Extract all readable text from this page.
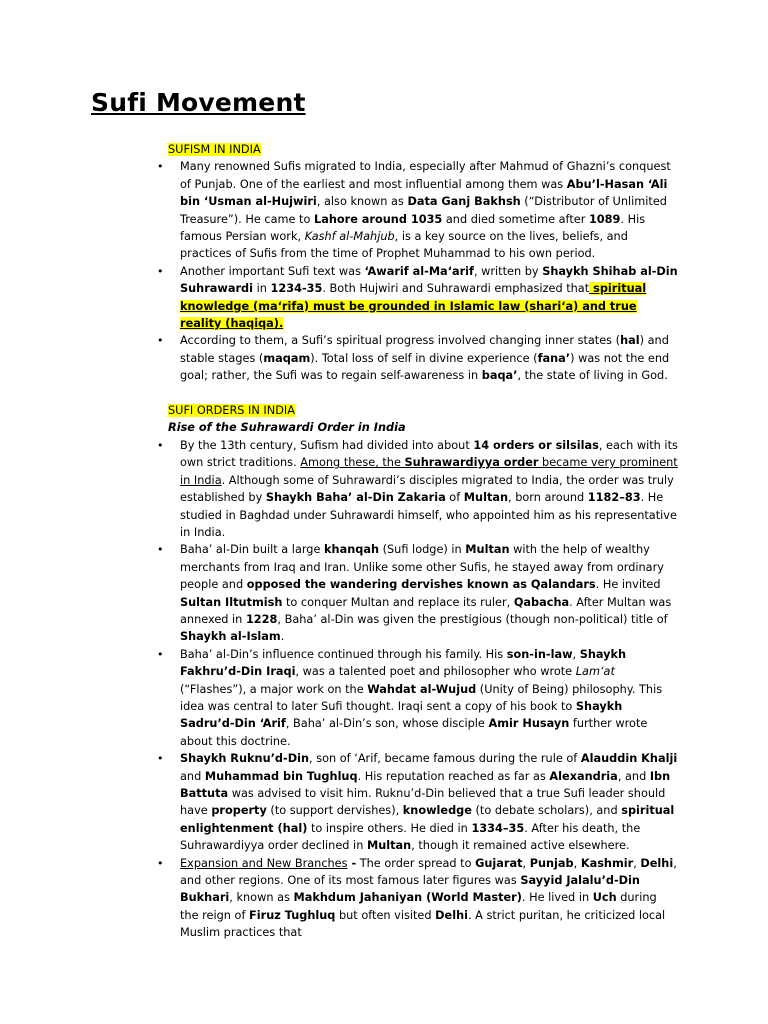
Sufi Movement
SUFISM IN INDIA
• Many renowned Sufis migrated to India, especially after Mahmud of Ghazni’s conquest of Punjab. One of the earliest and most influential among them was Abu’l-Hasan ‘Ali bin ‘Usman al-Hujwiri, also known as Data Ganj Bakhsh (“Distributor of Unlimited Treasure”). He came to Lahore around 1035 and died sometime after 1089. His famous Persian work, Kashf al-Mahjub, is a key source on the lives, beliefs, and practices of Sufis from the time of Prophet Muhammad to his own period.
• Another important Sufi text was ‘Awarif al-Ma‘arif, written by Shaykh Shihab al-Din Suhrawardi in 1234-35. Both Hujwiri and Suhrawardi emphasized that spiritual knowledge (ma‘rifa) must be grounded in Islamic law (shari‘a) and true reality (haqiqa).
• According to them, a Sufi’s spiritual progress involved changing inner states (hal) and stable stages (maqam). Total loss of self in divine experience (fana’) was not the end goal; rather, the Sufi was to regain self-awareness in baqa’, the state of living in God.
SUFI ORDERS IN INDIA
Rise of the Suhrawardi Order in India
• By the 13th century, Sufism had divided into about 14 orders or silsilas, each with its own strict traditions. Among these, the Suhrawardiyya order became very prominent in India. Although some of Suhrawardi’s disciples migrated to India, the order was truly established by Shaykh Baha’ al-Din Zakaria of Multan, born around 1182–83. He studied in Baghdad under Suhrawardi himself, who appointed him as his representative in India.
• Baha’ al-Din built a large khanqah (Sufi lodge) in Multan with the help of wealthy merchants from Iraq and Iran. Unlike some other Sufis, he stayed away from ordinary people and opposed the wandering dervishes known as Qalandars. He invited Sultan Iltutmish to conquer Multan and replace its ruler, Qabacha. After Multan was annexed in 1228, Baha’ al-Din was given the prestigious (though non-political) title of Shaykh al-Islam.
• Baha’ al-Din’s influence continued through his family. His son-in-law, Shaykh Fakhru’d-Din Iraqi, was a talented poet and philosopher who wrote Lam‘at (“Flashes”), a major work on the Wahdat al-Wujud (Unity of Being) philosophy. This idea was central to later Sufi thought. Iraqi sent a copy of his book to Shaykh Sadru’d-Din ‘Arif, Baha’ al-Din’s son, whose disciple Amir Husayn further wrote about this doctrine.
• Shaykh Ruknu’d-Din, son of ‘Arif, became famous during the rule of Alauddin Khalji and Muhammad bin Tughluq. His reputation reached as far as Alexandria, and Ibn Battuta was advised to visit him. Ruknu’d-Din believed that a true Sufi leader should have property (to support dervishes), knowledge (to debate scholars), and spiritual enlightenment (hal) to inspire others. He died in 1334–35. After his death, the Suhrawardiyya order declined in Multan, though it remained active elsewhere.
• Expansion and New Branches - The order spread to Gujarat, Punjab, Kashmir, Delhi, and other regions. One of its most famous later figures was Sayyid Jalalu’d-Din Bukhari, known as Makhdum Jahaniyan (World Master). He lived in Uch during the reign of Firuz Tughluq but often visited Delhi. A strict puritan, he criticized local Muslim practices that
